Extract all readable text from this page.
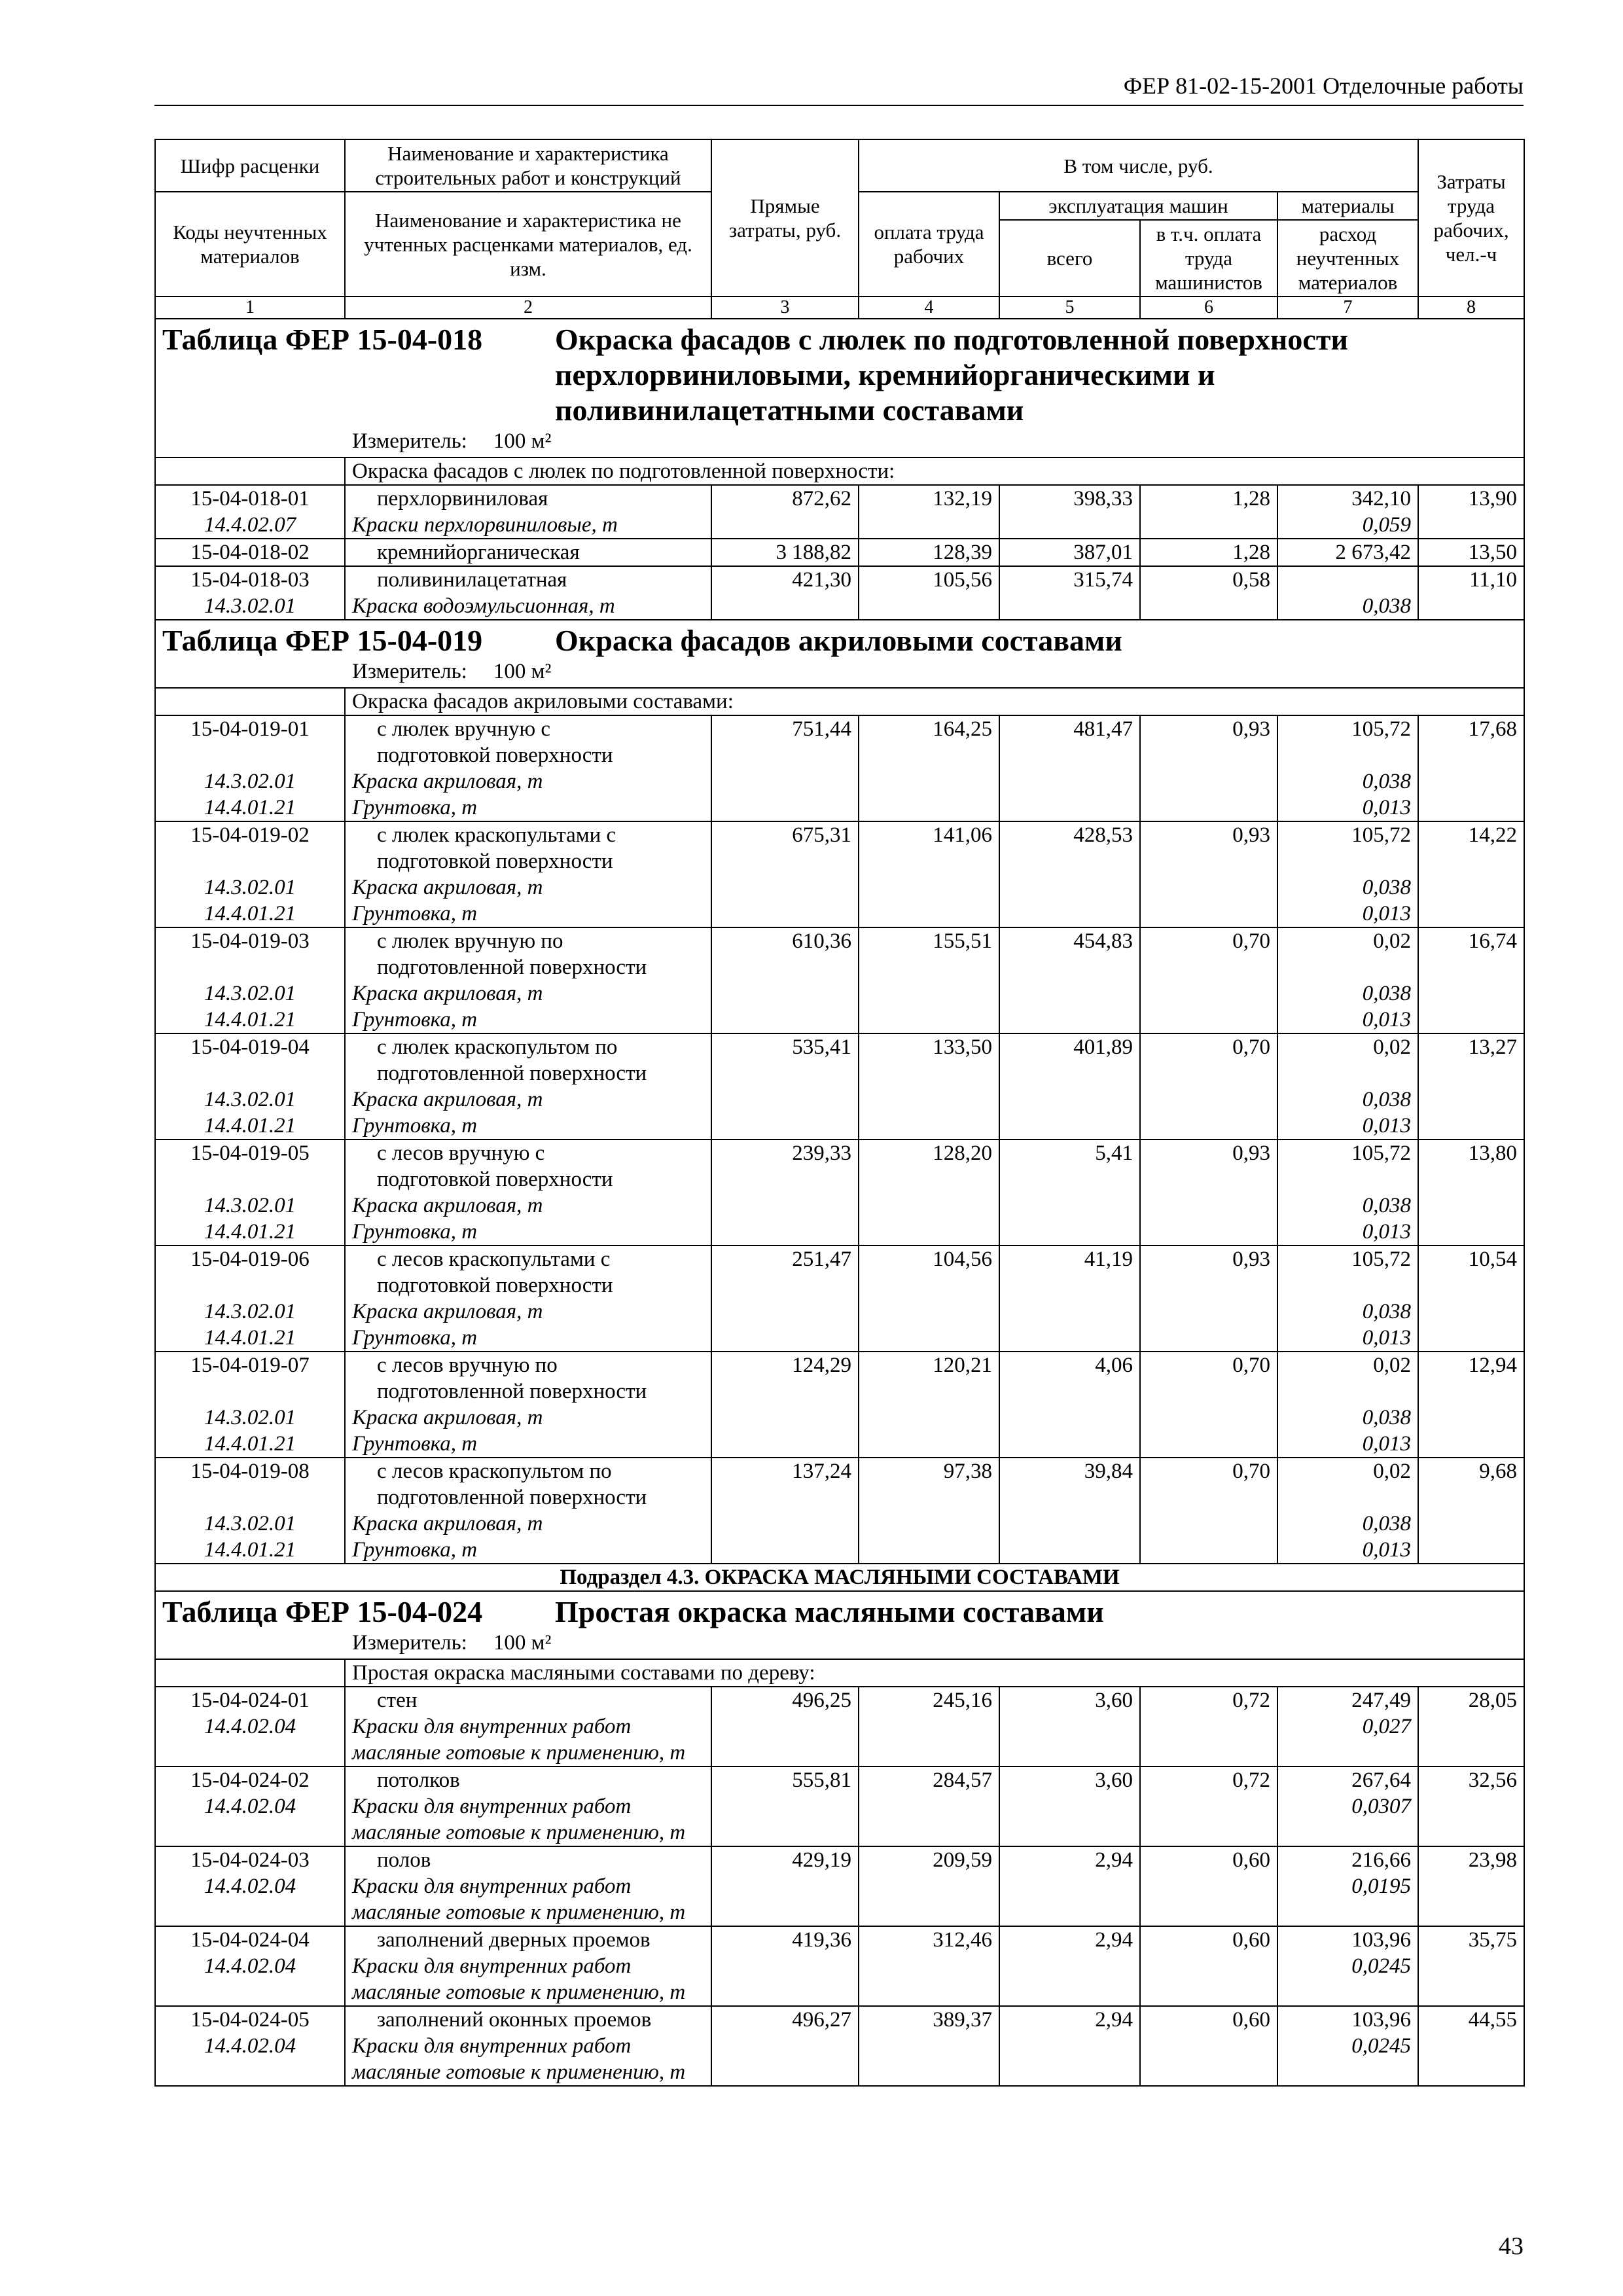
ФЕР 81-02-15-2001 Отделочные работы
Шифр расценки	Наименование и характеристика строительных работ и конструкций	Прямые затраты, руб.	В том числе, руб.				Затраты труда рабочих, чел.-ч
Коды неучтенных материалов	Наименование и характеристика не учтенных расценками материалов, ед. изм.		оплата труда рабочих	эксплуатация машин		материалы	
				всего	в т.ч. оплата труда машинистов	расход неучтенных материалов	
1	2	3	4	5	6	7	8

Таблица ФЕР 15-04-018 Окраска фасадов с люлек по подготовленной поверхности перхлорвиниловыми, кремнийорганическими и поливинилацетатными составами
Измеритель: 100 м²							

	Окраска фасадов с люлек по подготовленной поверхности:						
15-04-018-01	перхлорвиниловая	872,62	132,19	398,33	1,28	342,10	13,90
14.4.02.07	Краски перхлорвиниловые, т					0,059	
15-04-018-02	кремнийорганическая	3 188,82	128,39	387,01	1,28	2 673,42	13,50
15-04-018-03	поливинилацетатная	421,30	105,56	315,74	0,58		11,10
14.3.02.01	Краска водоэмульсионная, т					0,038	

Таблица ФЕР 15-04-019 Окраска фасадов акриловыми составами
Измеритель: 100 м²							

	Окраска фасадов акриловыми составами:						
15-04-019-01	с люлек вручную с	751,44	164,25	481,47	0,93	105,72	17,68
	подготовкой поверхности						
14.3.02.01	Краска акриловая, т					0,038	
14.4.01.21	Грунтовка, т					0,013	
15-04-019-02	с люлек краскопультами с	675,31	141,06	428,53	0,93	105,72	14,22
	подготовкой поверхности						
14.3.02.01	Краска акриловая, т					0,038	
14.4.01.21	Грунтовка, т					0,013	
15-04-019-03	с люлек вручную по	610,36	155,51	454,83	0,70	0,02	16,74
	подготовленной поверхности						
14.3.02.01	Краска акриловая, т					0,038	
14.4.01.21	Грунтовка, т					0,013	
15-04-019-04	с люлек краскопультом по	535,41	133,50	401,89	0,70	0,02	13,27
	подготовленной поверхности						
14.3.02.01	Краска акриловая, т					0,038	
14.4.01.21	Грунтовка, т					0,013	
15-04-019-05	с лесов вручную с	239,33	128,20	5,41	0,93	105,72	13,80
	подготовкой поверхности						
14.3.02.01	Краска акриловая, т					0,038	
14.4.01.21	Грунтовка, т					0,013	
15-04-019-06	с лесов краскопультами с	251,47	104,56	41,19	0,93	105,72	10,54
	подготовкой поверхности						
14.3.02.01	Краска акриловая, т					0,038	
14.4.01.21	Грунтовка, т					0,013	
15-04-019-07	с лесов вручную по	124,29	120,21	4,06	0,70	0,02	12,94
	подготовленной поверхности						
14.3.02.01	Краска акриловая, т					0,038	
14.4.01.21	Грунтовка, т					0,013	
15-04-019-08	с лесов краскопультом по	137,24	97,38	39,84	0,70	0,02	9,68
	подготовленной поверхности						
14.3.02.01	Краска акриловая, т					0,038	
14.4.01.21	Грунтовка, т					0,013	
Подраздел 4.3. ОКРАСКА МАСЛЯНЫМИ СОСТАВАМИ							

Таблица ФЕР 15-04-024 Простая окраска масляными составами
Измеритель: 100 м²							

	Простая окраска масляными составами по дереву:						
15-04-024-01	стен	496,25	245,16	3,60	0,72	247,49	28,05
14.4.02.04	Краски для внутренних работ					0,027	
	масляные готовые к применению, т						
15-04-024-02	потолков	555,81	284,57	3,60	0,72	267,64	32,56
14.4.02.04	Краски для внутренних работ					0,0307	
	масляные готовые к применению, т						
15-04-024-03	полов	429,19	209,59	2,94	0,60	216,66	23,98
14.4.02.04	Краски для внутренних работ					0,0195	
	масляные готовые к применению, т						
15-04-024-04	заполнений дверных проемов	419,36	312,46	2,94	0,60	103,96	35,75
14.4.02.04	Краски для внутренних работ					0,0245	
	масляные готовые к применению, т						
15-04-024-05	заполнений оконных проемов	496,27	389,37	2,94	0,60	103,96	44,55
14.4.02.04	Краски для внутренних работ					0,0245	
	масляные готовые к применению, т						
43
